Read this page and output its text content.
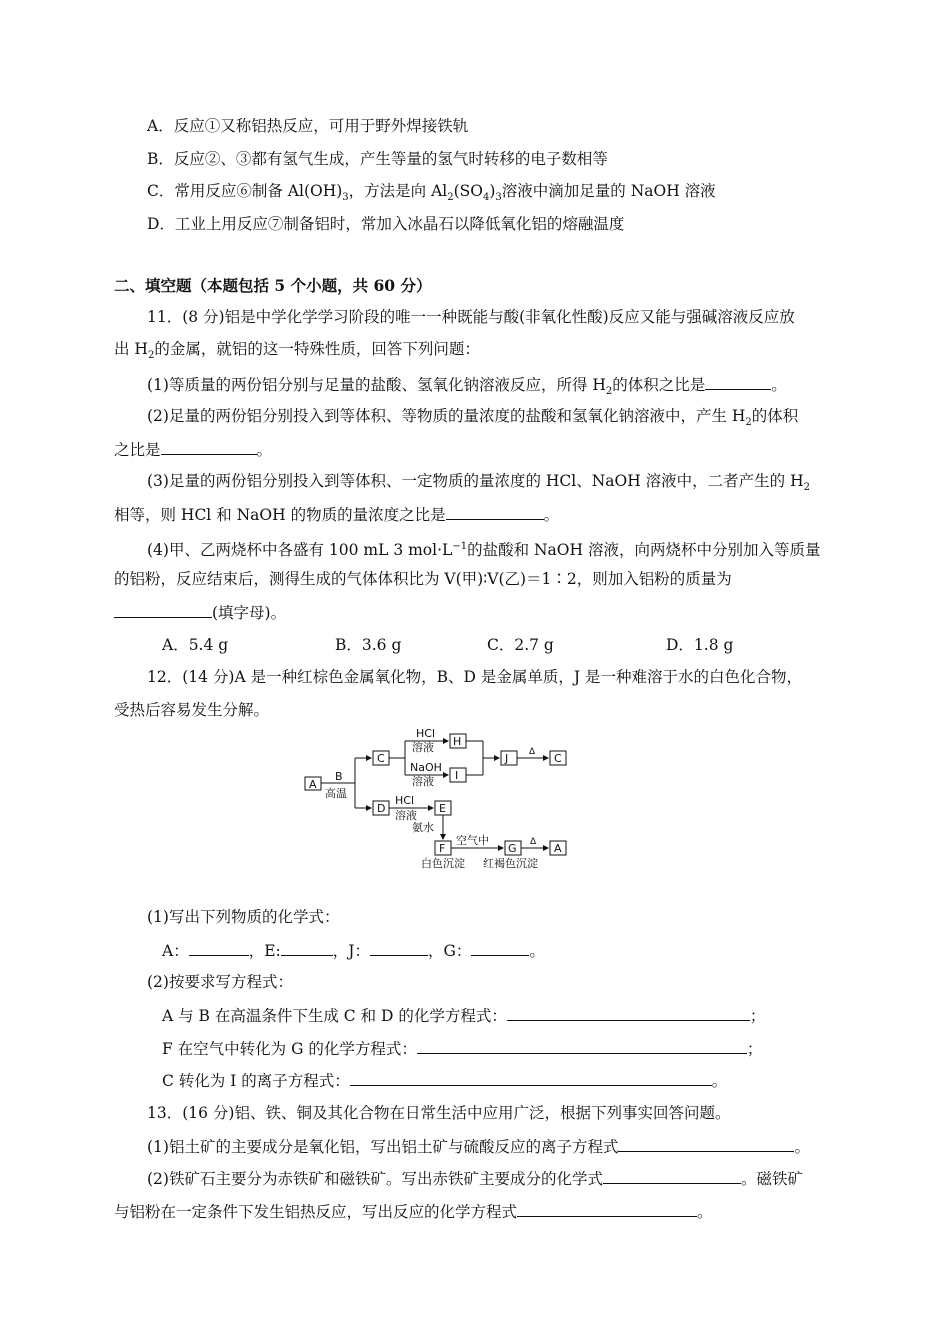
A．反应①又称铝热反应，可用于野外焊接铁轨
B．反应②、③都有氢气生成，产生等量的氢气时转移的电子数相等
C．常用反应⑥制备 $Al(OH)_3$，方法是向 $Al_2(SO_4)_3$溶液中滴加足量的 NaOH 溶液
D．工业上用反应⑦制备铝时，常加入冰晶石以降低氧化铝的熔融温度
二、填空题（本题包括 5 个小题，共 60 分）
11．(8 分)铝是中学化学学习阶段的唯一一种既能与酸(非氧化性酸)反应又能与强碱溶液反应放
出 $H_2$的金属，就铝的这一特殊性质，回答下列问题：
(1)等质量的两份铝分别与足量的盐酸、氢氧化钠溶液反应，所得 $H_2$的体积之比是	。
(2)足量的两份铝分别投入到等体积、等物质的量浓度的盐酸和氢氧化钠溶液中，产生 $H_2$的体积
之比是	。
(3)足量的两份铝分别投入到等体积、一定物质的量浓度的 HCl、NaOH 溶液中，二者产生的 $H_2$
相等，则 HCl 和 NaOH 的物质的量浓度之比是	。
(4)甲、乙两烧杯中各盛有 100 mL 3 $mol\cdot L^{-1}$的盐酸和 NaOH 溶液，向两烧杯中分别加入等质量
的铝粉，反应结束后，测得生成的气体体积比为 V(甲)∶V(乙)＝1∶2，则加入铝粉的质量为
(填字母)。
A．5.4 g	B．3.6 g	C．2.7 g	D．1.8 g
12．(14 分)A 是一种红棕色金属氧化物，B、D 是金属单质，J 是一种难溶于水的白色化合物，
受热后容易发生分解。
A
B
高温
C
HCl
溶液
NaOH
溶液
H
I
J Δ C
D
HCl
溶液
E
氨水
F
空气中
G Δ A
白色沉淀 红褐色沉淀
(1)写出下列物质的化学式：
A：	，E:	，J：	，G：	。
(2)按要求写方程式：
A 与 B 在高温条件下生成 C 和 D 的化学方程式：	；
F 在空气中转化为 G 的化学方程式：	；
C 转化为 I 的离子方程式：	。
13．(16 分)铝、铁、铜及其化合物在日常生活中应用广泛，根据下列事实回答问题。
(1)铝土矿的主要成分是氧化铝，写出铝土矿与硫酸反应的离子方程式	。
(2)铁矿石主要分为赤铁矿和磁铁矿。写出赤铁矿主要成分的化学式	。磁铁矿
与铝粉在一定条件下发生铝热反应，写出反应的化学方程式	。
